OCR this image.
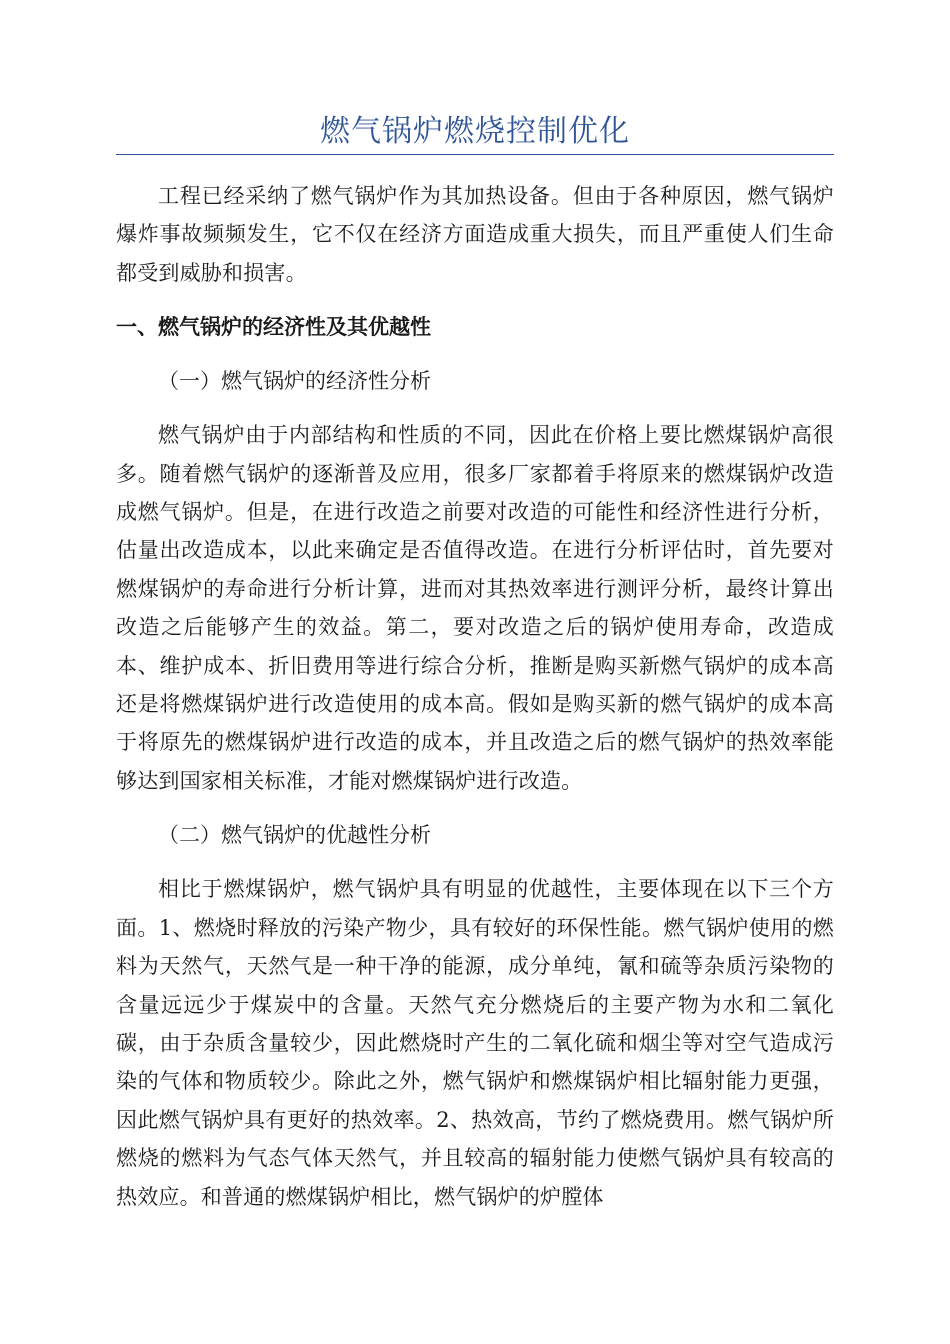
燃气锅炉燃烧控制优化

工程已经采纳了燃气锅炉作为其加热设备。但由于各种原因，燃气锅炉爆炸事故频频发生，它不仅在经济方面造成重大损失，而且严重使人们生命都受到威胁和损害。

一、燃气锅炉的经济性及其优越性
（一）燃气锅炉的经济性分析

燃气锅炉由于内部结构和性质的不同，因此在价格上要比燃煤锅炉高很多。随着燃气锅炉的逐渐普及应用，很多厂家都着手将原来的燃煤锅炉改造成燃气锅炉。但是，在进行改造之前要对改造的可能性和经济性进行分析，估量出改造成本，以此来确定是否值得改造。在进行分析评估时，首先要对燃煤锅炉的寿命进行分析计算，进而对其热效率进行测评分析，最终计算出改造之后能够产生的效益。第二，要对改造之后的锅炉使用寿命，改造成本、维护成本、折旧费用等进行综合分析，推断是购买新燃气锅炉的成本高还是将燃煤锅炉进行改造使用的成本高。假如是购买新的燃气锅炉的成本高于将原先的燃煤锅炉进行改造的成本，并且改造之后的燃气锅炉的热效率能够达到国家相关标准，才能对燃煤锅炉进行改造。

（二）燃气锅炉的优越性分析

相比于燃煤锅炉，燃气锅炉具有明显的优越性，主要体现在以下三个方面。1、燃烧时释放的污染产物少，具有较好的环保性能。燃气锅炉使用的燃料为天然气，天然气是一种干净的能源，成分单纯，氰和硫等杂质污染物的含量远远少于煤炭中的含量。天然气充分燃烧后的主要产物为水和二氧化碳，由于杂质含量较少，因此燃烧时产生的二氧化硫和烟尘等对空气造成污染的气体和物质较少。除此之外，燃气锅炉和燃煤锅炉相比辐射能力更强，因此燃气锅炉具有更好的热效率。2、热效高，节约了燃烧费用。燃气锅炉所燃烧的燃料为气态气体天然气，并且较高的辐射能力使燃气锅炉具有较高的热效应。和普通的燃煤锅炉相比，燃气锅炉的炉膛体
